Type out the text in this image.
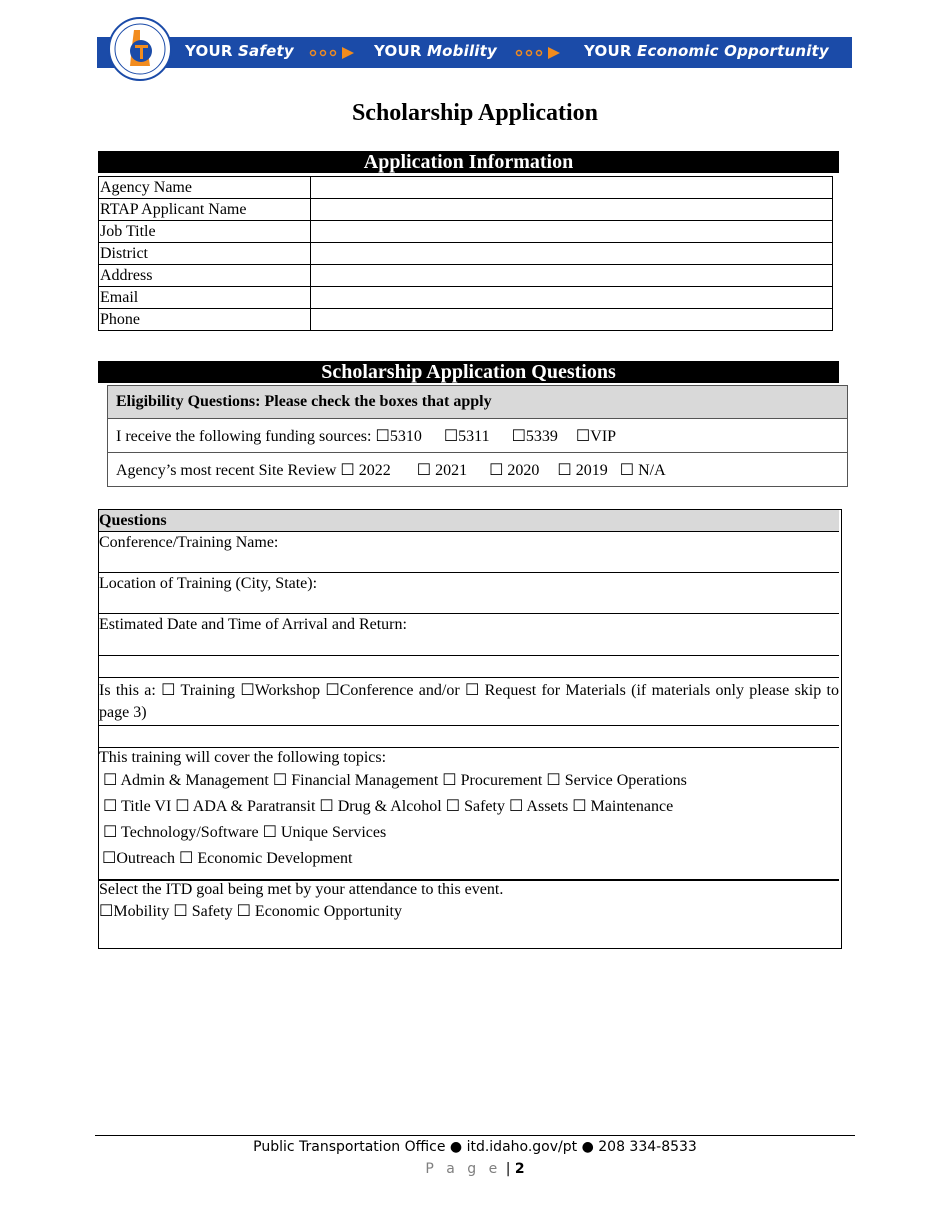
YOUR Safety	YOUR Mobility	YOUR Economic Opportunity
Scholarship Application
Application Information
Agency Name	
RTAP Applicant Name	
Job Title	
District	
Address	
Email	
Phone	
Scholarship Application Questions
Eligibility Questions: Please check the boxes that apply
I receive the following funding sources: ☐5310 ☐5311 ☐5339 ☐VIP
Agency’s most recent Site Review ☐ 2022 ☐ 2021 ☐ 2020 ☐ 2019 ☐ N/A
Questions
Conference/Training Name:
Location of Training (City, State):
Estimated Date and Time of Arrival and Return:
Is this a: ☐ Training ☐Workshop ☐Conference and/or ☐ Request for Materials (if materials only please skip to page 3)
This training will cover the following topics:
☐ Admin & Management ☐ Financial Management ☐ Procurement ☐ Service Operations
☐ Title VI ☐ ADA & Paratransit ☐ Drug & Alcohol ☐ Safety ☐ Assets ☐ Maintenance
☐ Technology/Software ☐ Unique Services
☐Outreach ☐ Economic Development
Select the ITD goal being met by your attendance to this event.
☐Mobility ☐ Safety ☐ Economic Opportunity
Public Transportation Office ● itd.idaho.gov/pt ● 208 334-8533
P a g e | 2
